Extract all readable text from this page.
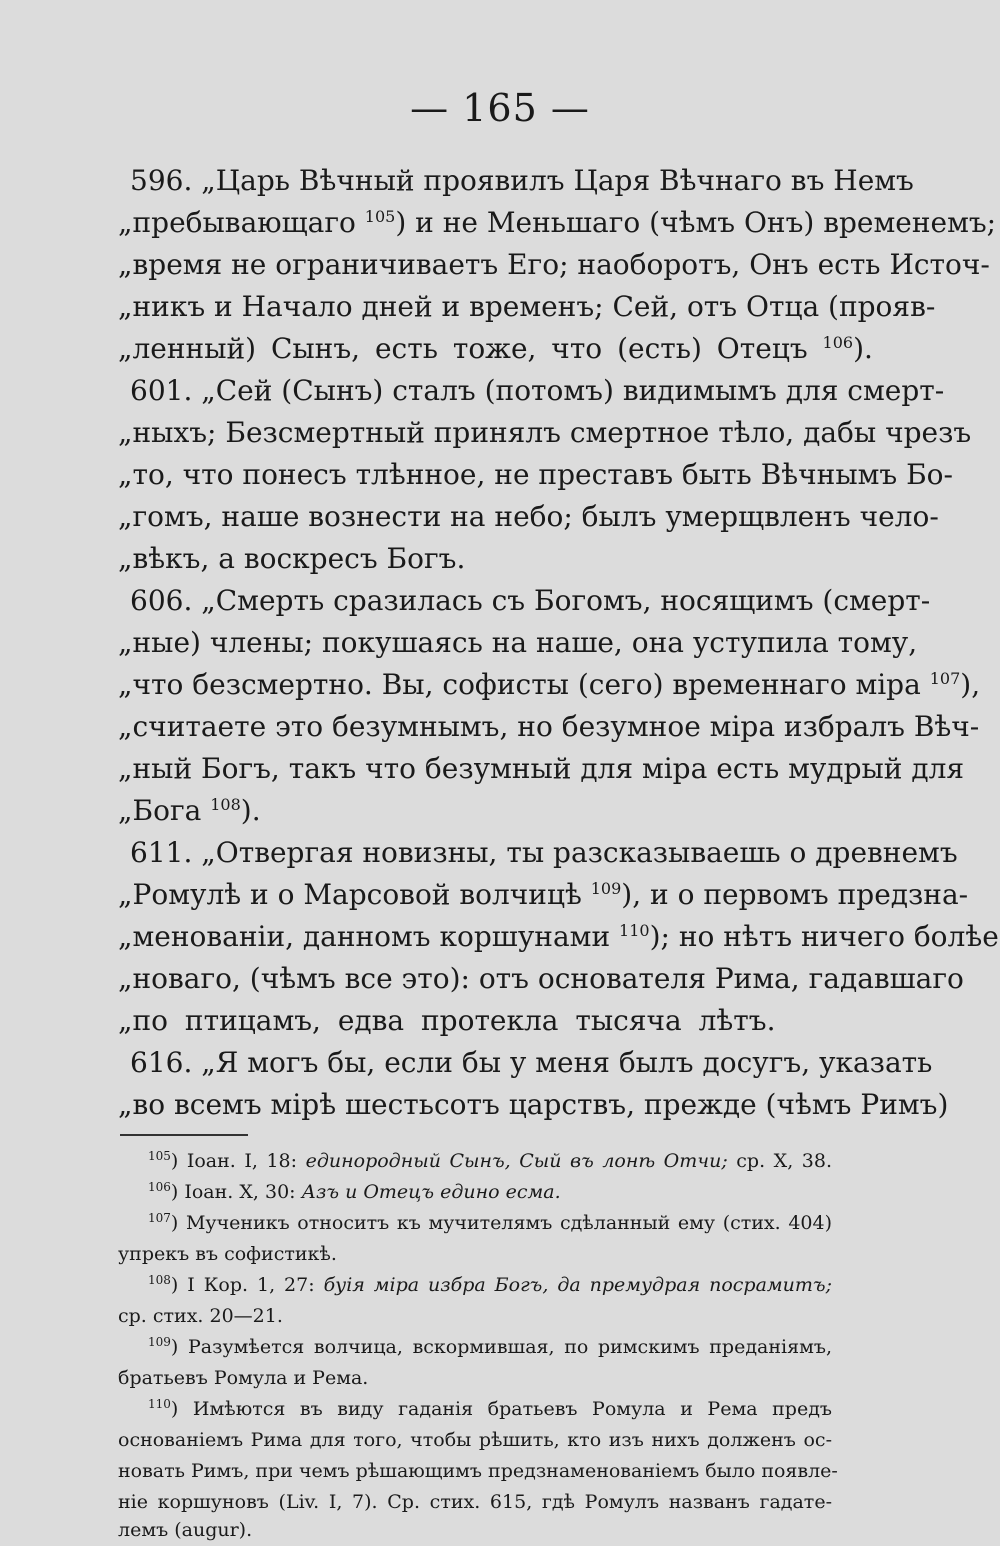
— 165 —
596. „Царь Вѣчный проявилъ Царя Вѣчнаго въ Немъ
„пребывающаго $^{105}$) и не Меньшаго (чѣмъ Онъ) временемъ;
„время не ограничиваетъ Его; наоборотъ, Онъ есть Источ-
„никъ и Начало дней и временъ; Сей, отъ Отца (прояв-
„ленный) Сынъ, есть тоже, что (есть) Отецъ $^{106}$).
601. „Сей (Сынъ) сталъ (потомъ) видимымъ для смерт-
„ныхъ; Безсмертный принялъ смертное тѣло, дабы чрезъ
„то, что понесъ тлѣнное, не преставъ быть Вѣчнымъ Бо-
„гомъ, наше вознести на небо; былъ умерщвленъ чело-
„вѣкъ, а воскресъ Богъ.
606. „Смерть сразилась съ Богомъ, носящимъ (смерт-
„ные) члены; покушаясь на наше, она уступила тому,
„что безсмертно. Вы, софисты (сего) временнаго міра $^{107}$),
„считаете это безумнымъ, но безумное міра избралъ Вѣч-
„ный Богъ, такъ что безумный для міра есть мудрый для
„Бога $^{108}$).
611. „Отвергая новизны, ты разсказываешь о древнемъ
„Ромулѣ и о Марсовой волчицѣ $^{109}$), и о первомъ предзна-
„менованіи, данномъ коршунами $^{110}$); но нѣтъ ничего болѣе
„новаго, (чѣмъ все это): отъ основателя Рима, гадавшаго
„по птицамъ, едва протекла тысяча лѣтъ.
616. „Я могъ бы, если бы у меня былъ досугъ, указать
„во всемъ мірѣ шестьсотъ царствъ, прежде (чѣмъ Римъ)
$^{105}$) Іоан. I, 18: единородный Сынъ, Сый въ лонѣ Отчи; ср. X, 38.
$^{106}$) Іоан. X, 30: Азъ и Отецъ едино есма.
$^{107}$) Мученикъ относитъ къ мучителямъ сдѣланный ему (стих. 404)
упрекъ въ софистикѣ.
$^{108}$) I Кор. 1, 27: буія міра избра Богъ, да премудрая посрамитъ;
ср. стих. 20—21.
$^{109}$) Разумѣется волчица, вскормившая, по римскимъ преданіямъ,
братьевъ Ромула и Рема.
$^{110}$) Имѣются въ виду гаданія братьевъ Ромула и Рема предъ
основаніемъ Рима для того, чтобы рѣшить, кто изъ нихъ долженъ ос-
новать Римъ, при чемъ рѣшающимъ предзнаменованіемъ было появле-
ніе коршуновъ (Liv. I, 7). Ср. стих. 615, гдѣ Ромулъ названъ гадате-
лемъ (augur).
